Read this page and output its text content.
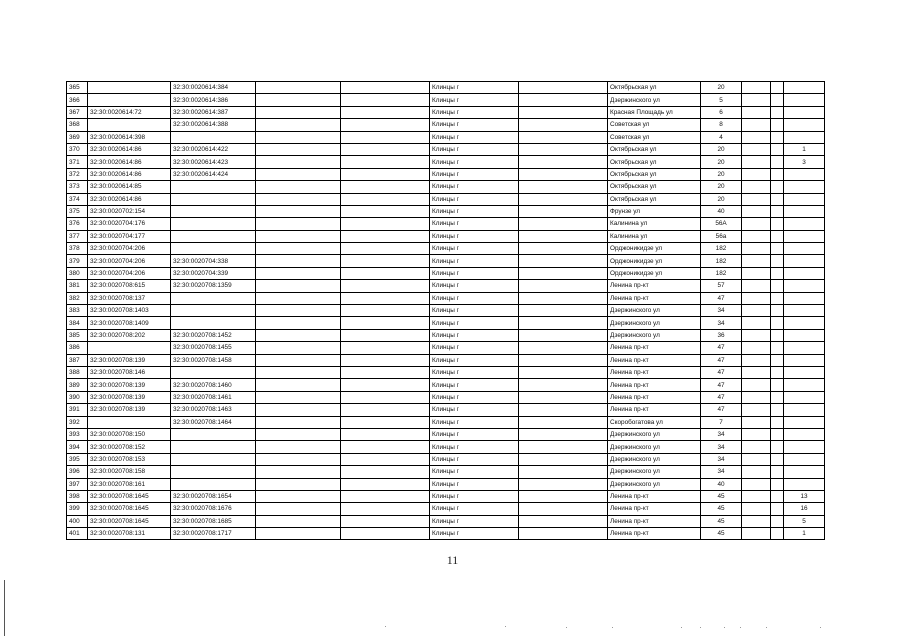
365		32:30:0020614:384			Клинцы г		Октябрьская ул	20			
366		32:30:0020614:386			Клинцы г		Дзержинского ул	5			
367	32:30:0020614:72	32:30:0020614:387			Клинцы г		Красная Площадь ул	6			
368		32:30:0020614:388			Клинцы г		Советская ул	8			
369	32:30:0020614:398				Клинцы г		Советская ул	4			
370	32:30:0020614:86	32:30:0020614:422			Клинцы г		Октябрьская ул	20			1
371	32:30:0020614:86	32:30:0020614:423			Клинцы г		Октябрьская ул	20			3
372	32:30:0020614:86	32:30:0020614:424			Клинцы г		Октябрьская ул	20			
373	32:30:0020614:85				Клинцы г		Октябрьская ул	20			
374	32:30:0020614:86				Клинцы г		Октябрьская ул	20			
375	32:30:0020702:154				Клинцы г		Фрунзе ул	40			
376	32:30:0020704:176				Клинцы г		Калинина ул	56А			
377	32:30:0020704:177				Клинцы г		Калинина ул	56а			
378	32:30:0020704:206				Клинцы г		Орджоникидзе ул	182			
379	32:30:0020704:206	32:30:0020704:338			Клинцы г		Орджоникидзе ул	182			
380	32:30:0020704:206	32:30:0020704:339			Клинцы г		Орджоникидзе ул	182			
381	32:30:0020708:615	32:30:0020708:1359			Клинцы г		Ленина пр-кт	57			
382	32:30:0020708:137				Клинцы г		Ленина пр-кт	47			
383	32:30:0020708:1403				Клинцы г		Дзержинского ул	34			
384	32:30:0020708:1409				Клинцы г		Дзержинского ул	34			
385	32:30:0020708:202	32:30:0020708:1452			Клинцы г		Дзержинского ул	36			
386		32:30:0020708:1455			Клинцы г		Ленина пр-кт	47			
387	32:30:0020708:139	32:30:0020708:1458			Клинцы г		Ленина пр-кт	47			
388	32:30:0020708:146				Клинцы г		Ленина пр-кт	47			
389	32:30:0020708:139	32:30:0020708:1460			Клинцы г		Ленина пр-кт	47			
390	32:30:0020708:139	32:30:0020708:1461			Клинцы г		Ленина пр-кт	47			
391	32:30:0020708:139	32:30:0020708:1463			Клинцы г		Ленина пр-кт	47			
392		32:30:0020708:1464			Клинцы г		Скоробогатова ул	7			
393	32:30:0020708:150				Клинцы г		Дзержинского ул	34			
394	32:30:0020708:152				Клинцы г		Дзержинского ул	34			
395	32:30:0020708:153				Клинцы г		Дзержинского ул	34			
396	32:30:0020708:158				Клинцы г		Дзержинского ул	34			
397	32:30:0020708:161				Клинцы г		Дзержинского ул	40			
398	32:30:0020708:1645	32:30:0020708:1654			Клинцы г		Ленина пр-кт	45			13
399	32:30:0020708:1645	32:30:0020708:1676			Клинцы г		Ленина пр-кт	45			16
400	32:30:0020708:1645	32:30:0020708:1685			Клинцы г		Ленина пр-кт	45			5
401	32:30:0020708:131	32:30:0020708:1717			Клинцы г		Ленина пр-кт	45			1
11
